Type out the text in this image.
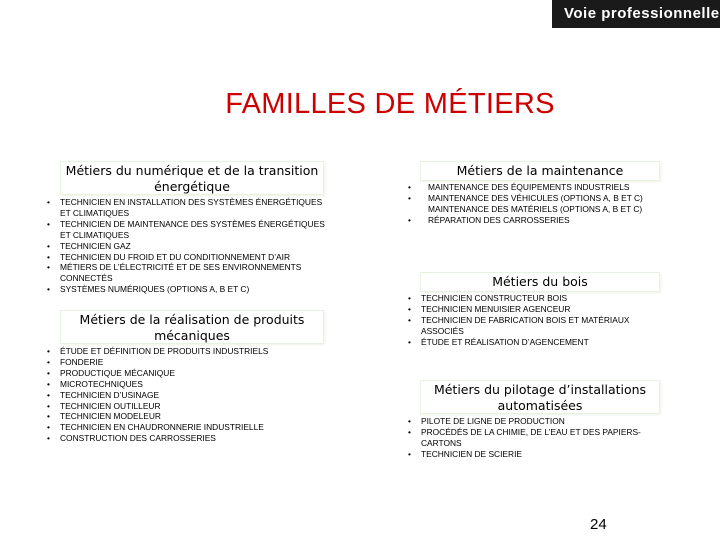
Voie professionnelle
FAMILLES DE MÉTIERS
Métiers du numérique et de la transition énergétique
• TECHNICIEN EN INSTALLATION DES SYSTÈMES ÉNERGÉTIQUES ET CLIMATIQUES
• TECHNICIEN DE MAINTENANCE DES SYSTÈMES ÉNERGÉTIQUES ET CLIMATIQUES
• TECHNICIEN GAZ
• TECHNICIEN DU FROID ET DU CONDITIONNEMENT D’AIR
• MÉTIERS DE L’ÉLECTRICITÉ ET DE SES ENVIRONNEMENTS CONNECTÉS
• SYSTÈMES NUMÉRIQUES (OPTIONS A, B ET C)
Métiers de la réalisation de produits mécaniques
• ÉTUDE ET DÉFINITION DE PRODUITS INDUSTRIELS
• FONDERIE
• PRODUCTIQUE MÉCANIQUE
• MICROTECHNIQUES
• TECHNICIEN D’USINAGE
• TECHNICIEN OUTILLEUR
• TECHNICIEN MODELEUR
• TECHNICIEN EN CHAUDRONNERIE INDUSTRIELLE
• CONSTRUCTION DES CARROSSERIES
Métiers de la maintenance
• MAINTENANCE DES ÉQUIPEMENTS INDUSTRIELS
• MAINTENANCE DES VÉHICULES (OPTIONS A, B ET C) MAINTENANCE DES MATÉRIELS (OPTIONS A, B ET C)
• RÉPARATION DES CARROSSERIES
Métiers du bois
• TECHNICIEN CONSTRUCTEUR BOIS
• TECHNICIEN MENUISIER AGENCEUR
• TECHNICIEN DE FABRICATION BOIS ET MATÉRIAUX ASSOCIÉS
• ÉTUDE ET RÉALISATION D’AGENCEMENT
Métiers du pilotage d’installations automatisées
• PILOTE DE LIGNE DE PRODUCTION
• PROCÉDÉS DE LA CHIMIE, DE L’EAU ET DES PAPIERS-CARTONS
• TECHNICIEN DE SCIERIE
24
